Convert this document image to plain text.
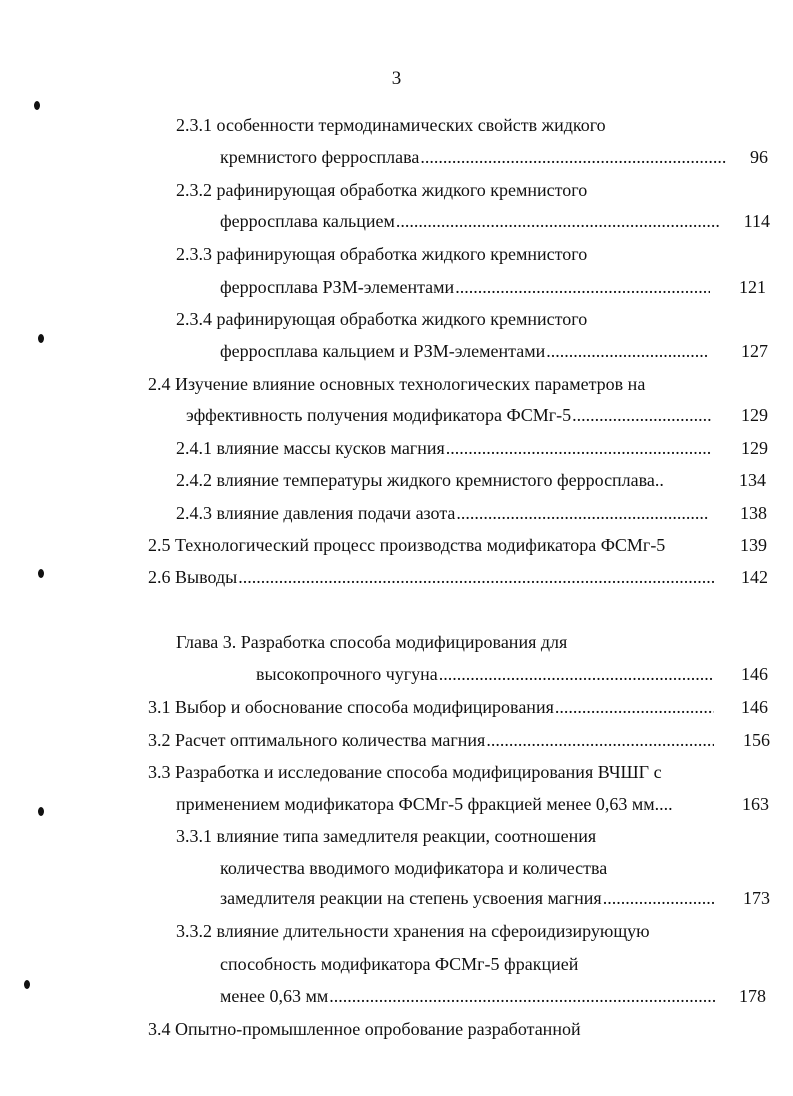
3
2.3.1 особенности термодинамических свойств жидкого
кремнистого ферросплава .....	96
2.3.2 рафинирующая обработка жидкого кремнистого
ферросплава кальцием .....	114
2.3.3 рафинирующая обработка жидкого кремнистого
ферросплава РЗМ-элементами .....	121
2.3.4 рафинирующая обработка жидкого кремнистого
ферросплава кальцием и РЗМ-элементами .....	127
2.4 Изучение влияние основных технологических параметров на
эффективность получения модификатора ФСМг-5 .....	129
2.4.1 влияние массы кусков магния .....	129
2.4.2 влияние температуры жидкого кремнистого ферросплава..	134
2.4.3 влияние давления подачи азота .....	138
2.5 Технологический процесс производства модификатора ФСМг-5	139
2.6 Выводы .....	142
Глава 3. Разработка способа модифицирования для
высокопрочного чугуна .....	146
3.1 Выбор и обоснование способа модифицирования .....	146
3.2 Расчет оптимального количества магния .....	156
3.3 Разработка и исследование способа модифицирования ВЧШГ с
применением модификатора ФСМг-5 фракцией менее 0,63 мм....	163
3.3.1 влияние типа замедлителя реакции, соотношения
количества вводимого модификатора и количества
замедлителя реакции на степень усвоения магния .....	173
3.3.2 влияние длительности хранения на сфероидизирующую
способность модификатора ФСМг-5 фракцией
менее 0,63 мм .....	178
3.4 Опытно-промышленное опробование разработанной
